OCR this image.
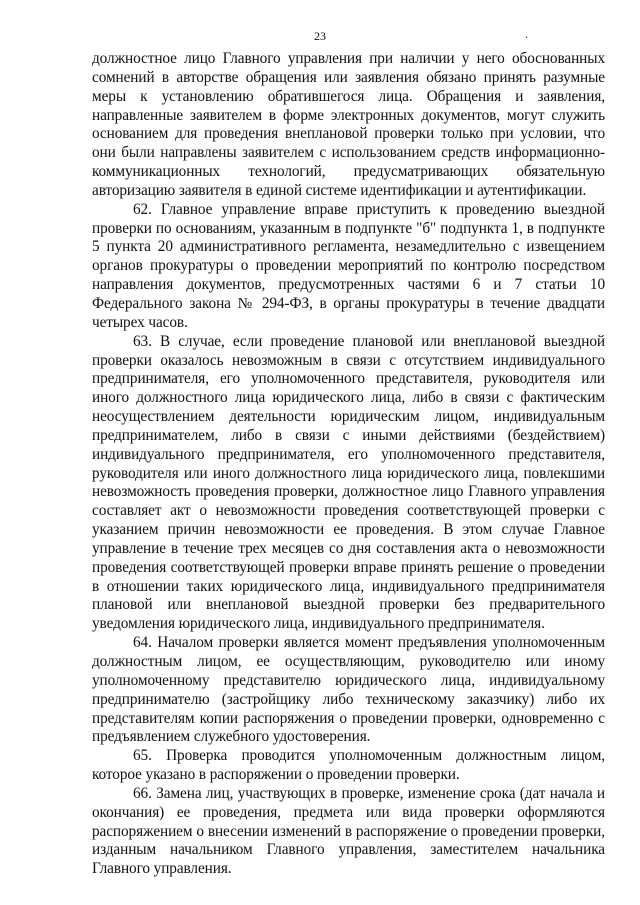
23	.

должностное лицо Главного управления при наличии у него обоснованных сомнений в авторстве обращения или заявления обязано принять разумные меры к установлению обратившегося лица. Обращения и заявления, направленные заявителем в форме электронных документов, могут служить основанием для проведения внеплановой проверки только при условии, что они были направлены заявителем с использованием средств информационно-коммуникационных технологий, предусматривающих обязательную авторизацию заявителя в единой системе идентификации и аутентификации.

62. Главное управление вправе приступить к проведению выездной проверки по основаниям, указанным в подпункте "б" подпункта 1, в подпункте 5 пункта 20 административного регламента, незамедлительно с извещением органов прокуратуры о проведении мероприятий по контролю посредством направления документов, предусмотренных частями 6 и 7 статьи 10 Федерального закона № 294-ФЗ, в органы прокуратуры в течение двадцати четырех часов.

63. В случае, если проведение плановой или внеплановой выездной проверки оказалось невозможным в связи с отсутствием индивидуального предпринимателя, его уполномоченного представителя, руководителя или иного должностного лица юридического лица, либо в связи с фактическим неосуществлением деятельности юридическим лицом, индивидуальным предпринимателем, либо в связи с иными действиями (бездействием) индивидуального предпринимателя, его уполномоченного представителя, руководителя или иного должностного лица юридического лица, повлекшими невозможность проведения проверки, должностное лицо Главного управления составляет акт о невозможности проведения соответствующей проверки с указанием причин невозможности ее проведения. В этом случае Главное управление в течение трех месяцев со дня составления акта о невозможности проведения соответствующей проверки вправе принять решение о проведении в отношении таких юридического лица, индивидуального предпринимателя плановой или внеплановой выездной проверки без предварительного уведомления юридического лица, индивидуального предпринимателя.

64. Началом проверки является момент предъявления уполномоченным должностным лицом, ее осуществляющим, руководителю или иному уполномоченному представителю юридического лица, индивидуальному предпринимателю (застройщику либо техническому заказчику) либо их представителям копии распоряжения о проведении проверки, одновременно с предъявлением служебного удостоверения.

65. Проверка проводится уполномоченным должностным лицом, которое указано в распоряжении о проведении проверки.

66. Замена лиц, участвующих в проверке, изменение срока (дат начала и окончания) ее проведения, предмета или вида проверки оформляются распоряжением о внесении изменений в распоряжение о проведении проверки, изданным начальником Главного управления, заместителем начальника Главного управления.
